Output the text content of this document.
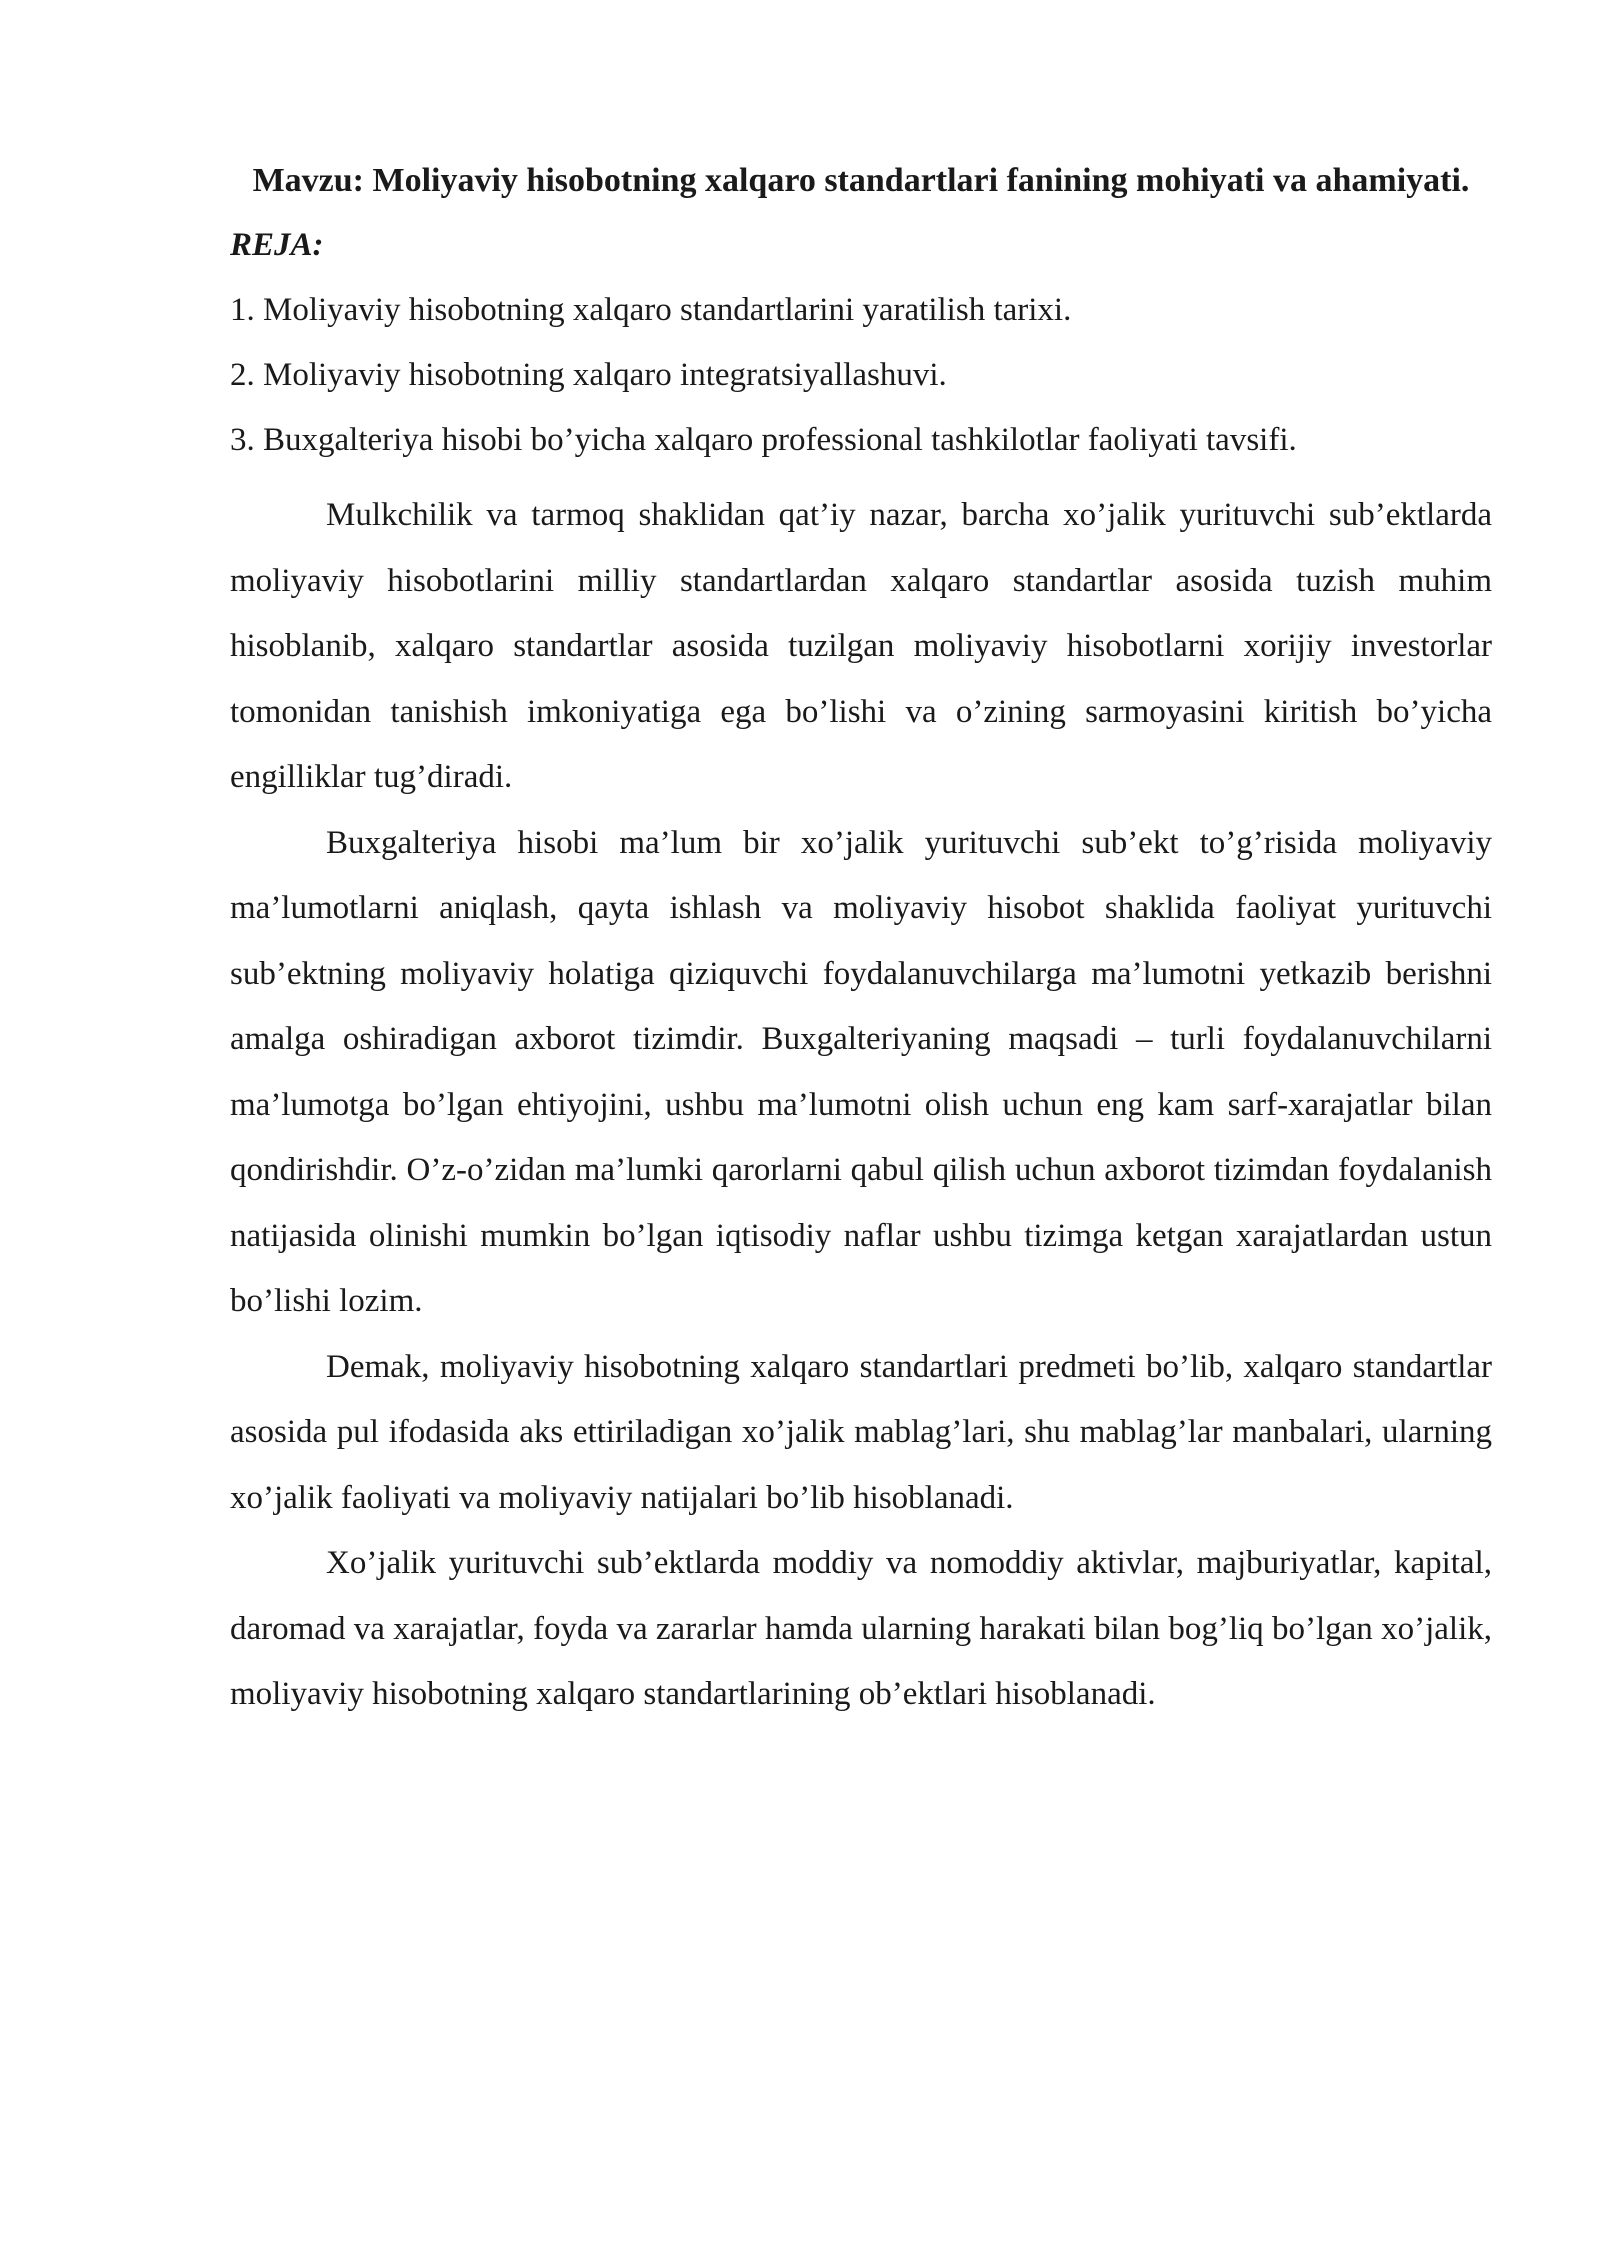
Mavzu: Moliyaviy hisobotning xalqaro standartlari fanining mohiyati va ahamiyati.

REJA:

1. Moliyaviy hisobotning xalqaro standartlarini yaratilish tarixi.
2. Moliyaviy hisobotning xalqaro integratsiyallashuvi.
3. Buxgalteriya hisobi bo’yicha xalqaro professional tashkilotlar faoliyati tavsifi.

Mulkchilik va tarmoq shaklidan qat’iy nazar, barcha xo’jalik yurituvchi sub’ektlarda moliyaviy hisobotlarini milliy standartlardan xalqaro standartlar asosida tuzish muhim hisoblanib, xalqaro standartlar asosida tuzilgan moliyaviy hisobotlarni xorijiy investorlar tomonidan tanishish imkoniyatiga ega bo’lishi va o’zining sarmoyasini kiritish bo’yicha engilliklar tug’diradi.

Buxgalteriya hisobi ma’lum bir xo’jalik yurituvchi sub’ekt to’g’risida moliyaviy ma’lumotlarni aniqlash, qayta ishlash va moliyaviy hisobot shaklida faoliyat yurituvchi sub’ektning moliyaviy holatiga qiziquvchi foydalanuvchilarga ma’lumotni yetkazib berishni amalga oshiradigan axborot tizimdir. Buxgalteriyaning maqsadi – turli foydalanuvchilarni ma’lumotga bo’lgan ehtiyojini, ushbu ma’lumotni olish uchun eng kam sarf-xarajatlar bilan qondirishdir. O’z-o’zidan ma’lumki qarorlarni qabul qilish uchun axborot tizimdan foydalanish natijasida olinishi mumkin bo’lgan iqtisodiy naflar ushbu tizimga ketgan xarajatlardan ustun bo’lishi lozim.

Demak, moliyaviy hisobotning xalqaro standartlari predmeti bo’lib, xalqaro standartlar asosida pul ifodasida aks ettiriladigan xo’jalik mablag’lari, shu mablag’lar manbalari, ularning xo’jalik faoliyati va moliyaviy natijalari bo’lib hisoblanadi.

Xo’jalik yurituvchi sub’ektlarda moddiy va nomoddiy aktivlar, majburiyatlar, kapital, daromad va xarajatlar, foyda va zararlar hamda ularning harakati bilan bog’liq bo’lgan xo’jalik, moliyaviy hisobotning xalqaro standartlarining ob’ektlari hisoblanadi.
